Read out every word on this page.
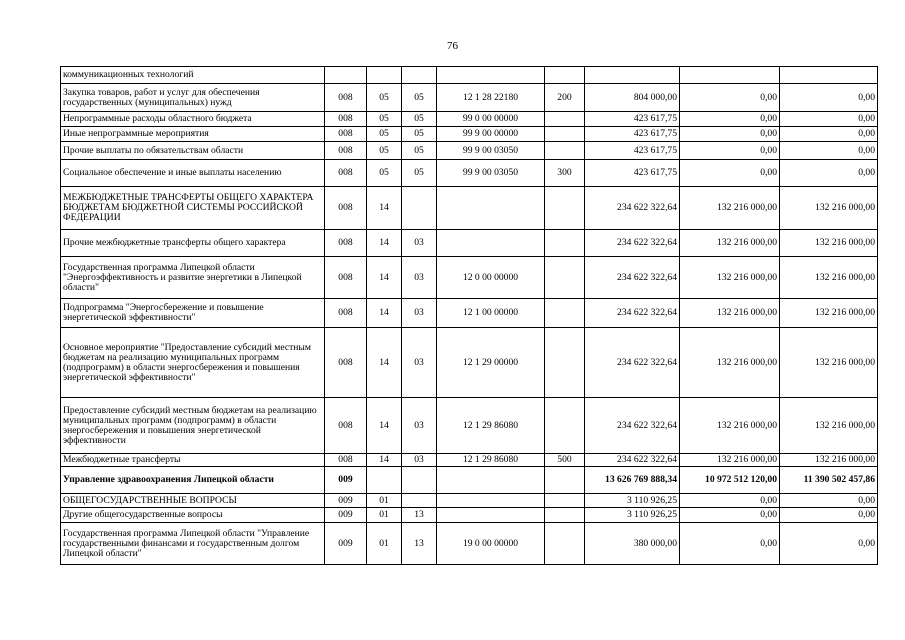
76
коммуникационных технологий								
Закупка товаров, работ и услуг для обеспечения государственных (муниципальных) нужд	008	05	05	12 1 28 22180	200	804 000,00	0,00	0,00
Непрограммные расходы областного бюджета	008	05	05	99 0 00 00000		423 617,75	0,00	0,00
Иные непрограммные мероприятия	008	05	05	99 9 00 00000		423 617,75	0,00	0,00
Прочие выплаты по обязательствам области	008	05	05	99 9 00 03050		423 617,75	0,00	0,00
Социальное обеспечение и иные выплаты населению	008	05	05	99 9 00 03050	300	423 617,75	0,00	0,00
МЕЖБЮДЖЕТНЫЕ ТРАНСФЕРТЫ ОБЩЕГО ХАРАКТЕРА БЮДЖЕТАМ БЮДЖЕТНОЙ СИСТЕМЫ РОССИЙСКОЙ ФЕДЕРАЦИИ	008	14				234 622 322,64	132 216 000,00	132 216 000,00
Прочие межбюджетные трансферты общего характера	008	14	03			234 622 322,64	132 216 000,00	132 216 000,00
Государственная программа Липецкой области "Энергоэффективность и развитие энергетики в Липецкой области"	008	14	03	12 0 00 00000		234 622 322,64	132 216 000,00	132 216 000,00
Подпрограмма "Энергосбережение и повышение энергетической эффективности"	008	14	03	12 1 00 00000		234 622 322,64	132 216 000,00	132 216 000,00
Основное мероприятие "Предоставление субсидий местным бюджетам на реализацию муниципальных программ (подпрограмм) в области энергосбережения и повышения энергетической эффективности"	008	14	03	12 1 29 00000		234 622 322,64	132 216 000,00	132 216 000,00
Предоставление субсидий местным бюджетам на реализацию муниципальных программ (подпрограмм) в области энергосбережения и повышения энергетической эффективности	008	14	03	12 1 29 86080		234 622 322,64	132 216 000,00	132 216 000,00
Межбюджетные трансферты	008	14	03	12 1 29 86080	500	234 622 322,64	132 216 000,00	132 216 000,00
Управление здравоохранения Липецкой области	009					13 626 769 888,34	10 972 512 120,00	11 390 502 457,86
ОБЩЕГОСУДАРСТВЕННЫЕ ВОПРОСЫ	009	01				3 110 926,25	0,00	0,00
Другие общегосударственные вопросы	009	01	13			3 110 926,25	0,00	0,00
Государственная программа Липецкой области "Управление государственными финансами и государственным долгом Липецкой области"	009	01	13	19 0 00 00000		380 000,00	0,00	0,00
